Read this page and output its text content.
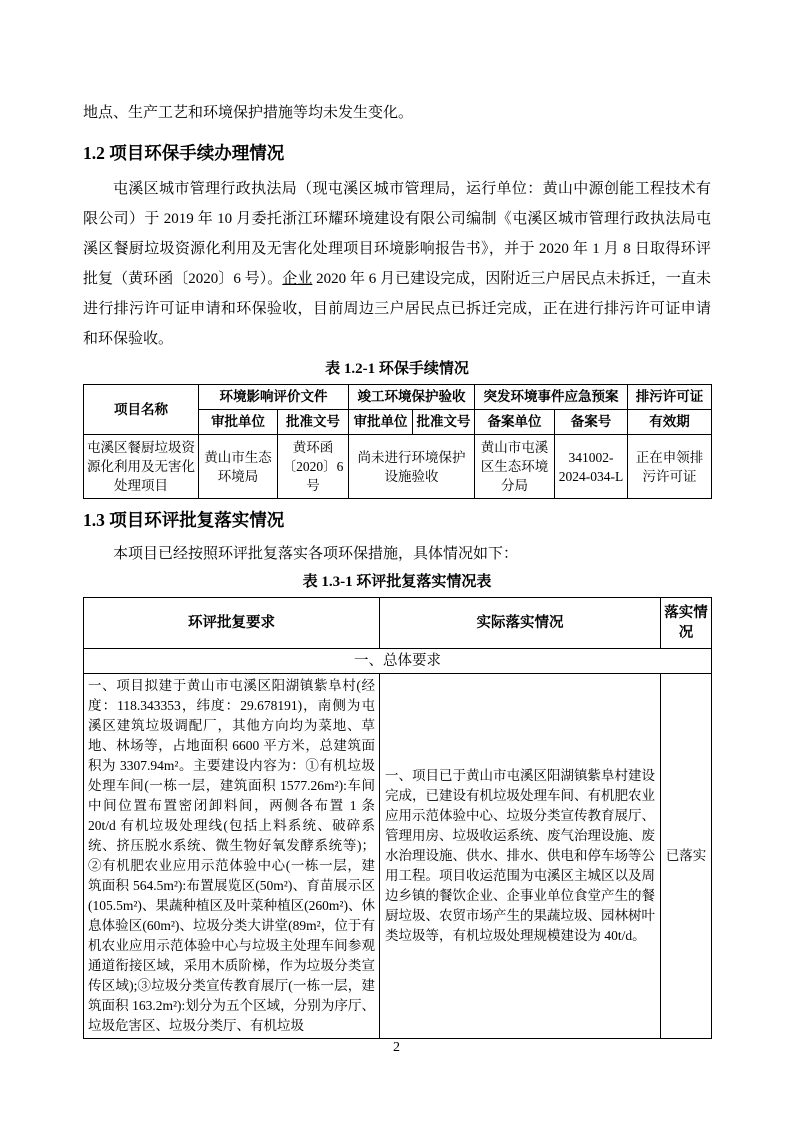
地点、生产工艺和环境保护措施等均未发生变化。

1.2 项目环保手续办理情况

屯溪区城市管理行政执法局（现屯溪区城市管理局，运行单位：黄山中源创能工程技术有限公司）于 2019 年 10 月委托浙江环耀环境建设有限公司编制《屯溪区城市管理行政执法局屯溪区餐厨垃圾资源化利用及无害化处理项目环境影响报告书》，并于 2020 年 1 月 8 日取得环评批复（黄环函〔2020〕6 号）。企业 2020 年 6 月已建设完成，因附近三户居民点未拆迁，一直未进行排污许可证申请和环保验收，目前周边三户居民点已拆迁完成，正在进行排污许可证申请和环保验收。

表 1.2-1 环保手续情况
项目名称	环境影响评价文件		竣工环境保护验收		突发环境事件应急预案		排污许可证
	审批单位	批准文号	审批单位	批准文号	备案单位	备案号	有效期
屯溪区餐厨垃圾资源化利用及无害化处理项目	黄山市生态环境局	黄环函〔2020〕6号	尚未进行环境保护设施验收		黄山市屯溪区生态环境分局	341002-2024-034-L	正在申领排污许可证
1.3 项目环评批复落实情况

本项目已经按照环评批复落实各项环保措施，具体情况如下：

表 1.3-1 环评批复落实情况表
环评批复要求	实际落实情况	落实情况
一、总体要求		
一、项目拟建于黄山市屯溪区阳湖镇紫阜村(经度：118.343353，纬度：29.678191)，南侧为屯溪区建筑垃圾调配厂，其他方向均为菜地、草地、林场等，占地面积 6600 平方米，总建筑面积为 3307.94m²。主要建设内容为：①有机垃圾处理车间(一栋一层，建筑面积 1577.26m²):车间中间位置布置密闭卸料间，两侧各布置 1 条 20t/d 有机垃圾处理线(包括上料系统、破碎系统、挤压脱水系统、微生物好氧发酵系统等)；②有机肥农业应用示范体验中心(一栋一层，建筑面积 564.5m²):布置展览区(50m²)、育苗展示区(105.5m²)、果蔬种植区及叶菜种植区(260m²)、休息体验区(60m²)、垃圾分类大讲堂(89m²，位于有机农业应用示范体验中心与垃圾主处理车间参观通道衔接区域，采用木质阶梯，作为垃圾分类宣传区域);③垃圾分类宣传教育展厅(一栋一层，建筑面积 163.2m²):划分为五个区域，分别为序厅、垃圾危害区、垃圾分类厅、有机垃圾	一、项目已于黄山市屯溪区阳湖镇紫阜村建设完成，已建设有机垃圾处理车间、有机肥农业应用示范体验中心、垃圾分类宣传教育展厅、管理用房、垃圾收运系统、废气治理设施、废水治理设施、供水、排水、供电和停车场等公用工程。项目收运范围为屯溪区主城区以及周边乡镇的餐饮企业、企事业单位食堂产生的餐厨垃圾、农贸市场产生的果蔬垃圾、园林树叶类垃圾等，有机垃圾处理规模建设为 40t/d。	已落实
2
